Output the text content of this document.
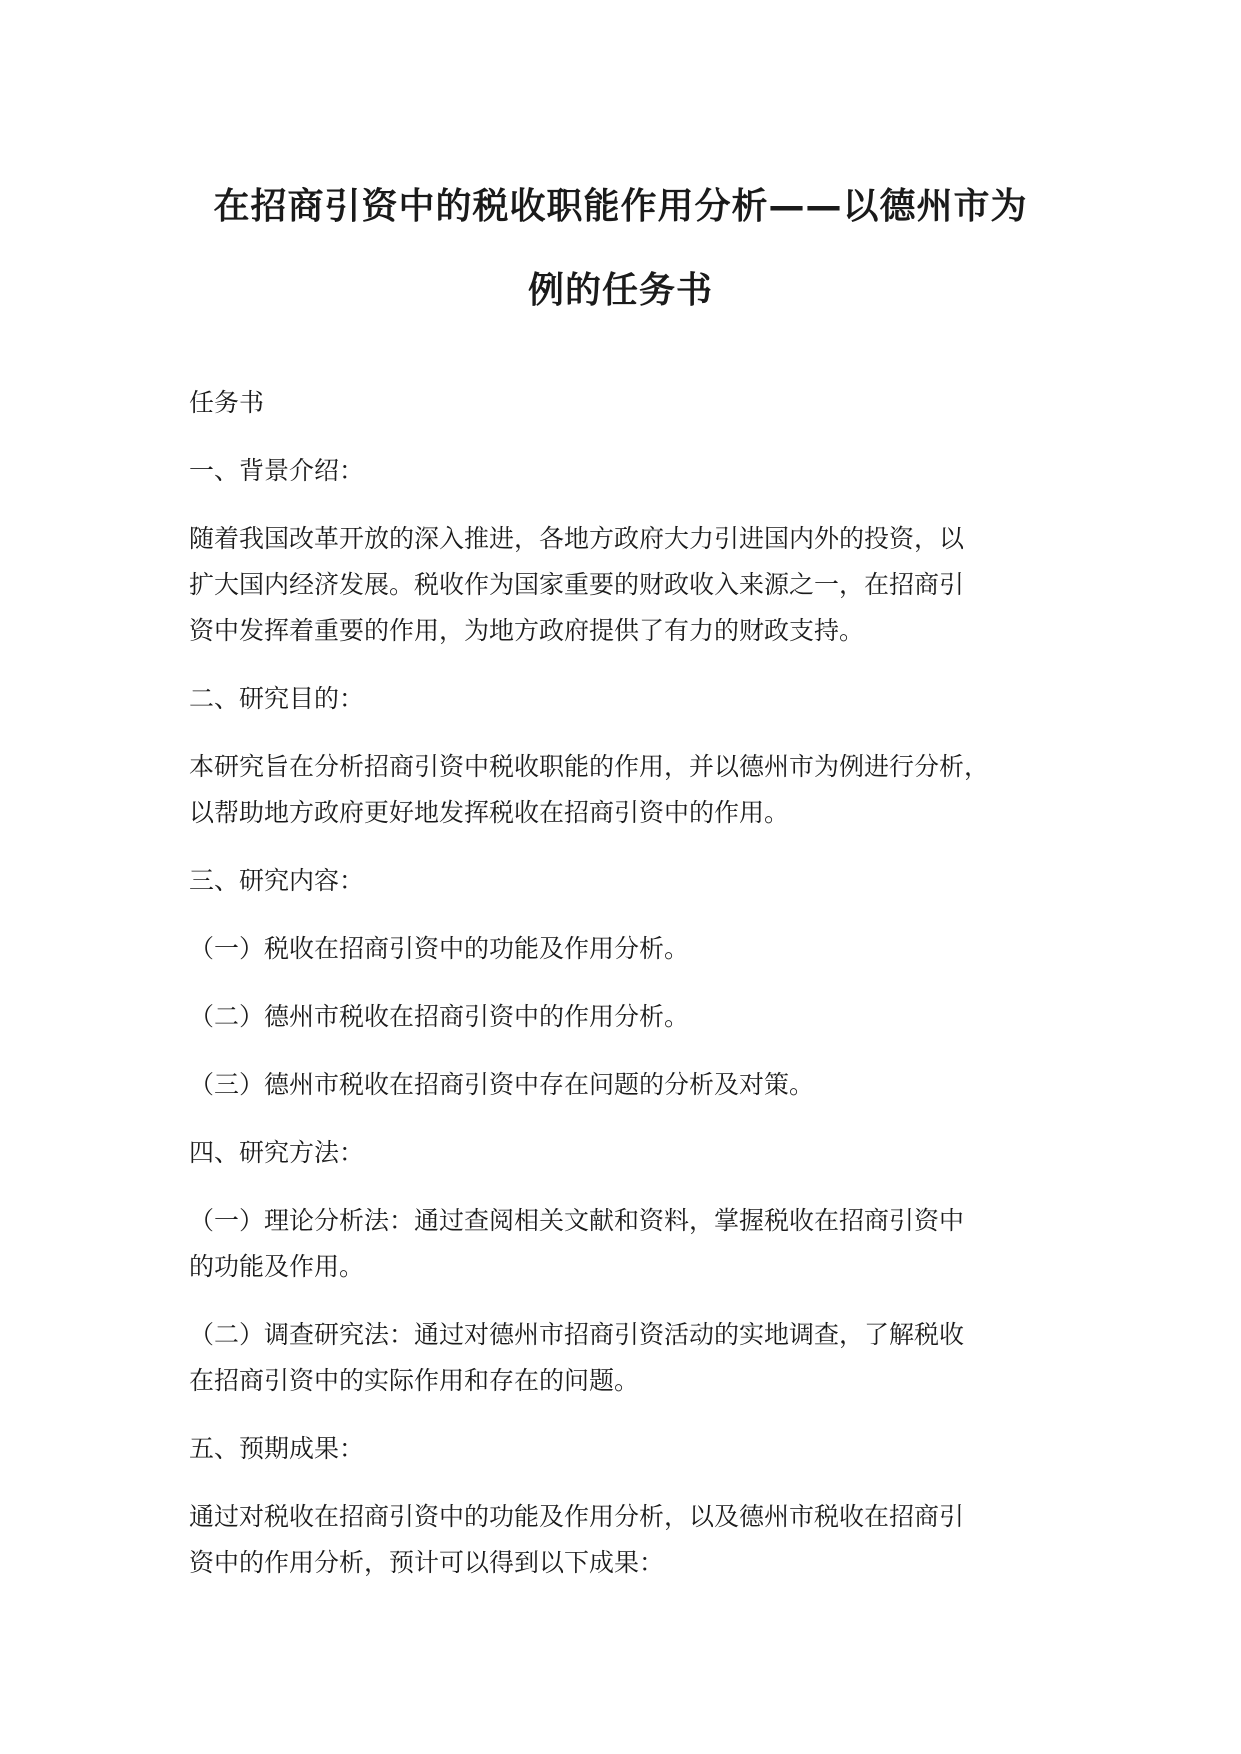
在招商引资中的税收职能作用分析——以德州市为
例的任务书

任务书

一、背景介绍：

随着我国改革开放的深入推进，各地方政府大力引进国内外的投资，以
扩大国内经济发展。税收作为国家重要的财政收入来源之一，在招商引
资中发挥着重要的作用，为地方政府提供了有力的财政支持。

二、研究目的：

本研究旨在分析招商引资中税收职能的作用，并以德州市为例进行分析，
以帮助地方政府更好地发挥税收在招商引资中的作用。

三、研究内容：

（一）税收在招商引资中的功能及作用分析。

（二）德州市税收在招商引资中的作用分析。

（三）德州市税收在招商引资中存在问题的分析及对策。

四、研究方法：

（一）理论分析法：通过查阅相关文献和资料，掌握税收在招商引资中
的功能及作用。

（二）调查研究法：通过对德州市招商引资活动的实地调查，了解税收
在招商引资中的实际作用和存在的问题。

五、预期成果：

通过对税收在招商引资中的功能及作用分析，以及德州市税收在招商引
资中的作用分析，预计可以得到以下成果：
